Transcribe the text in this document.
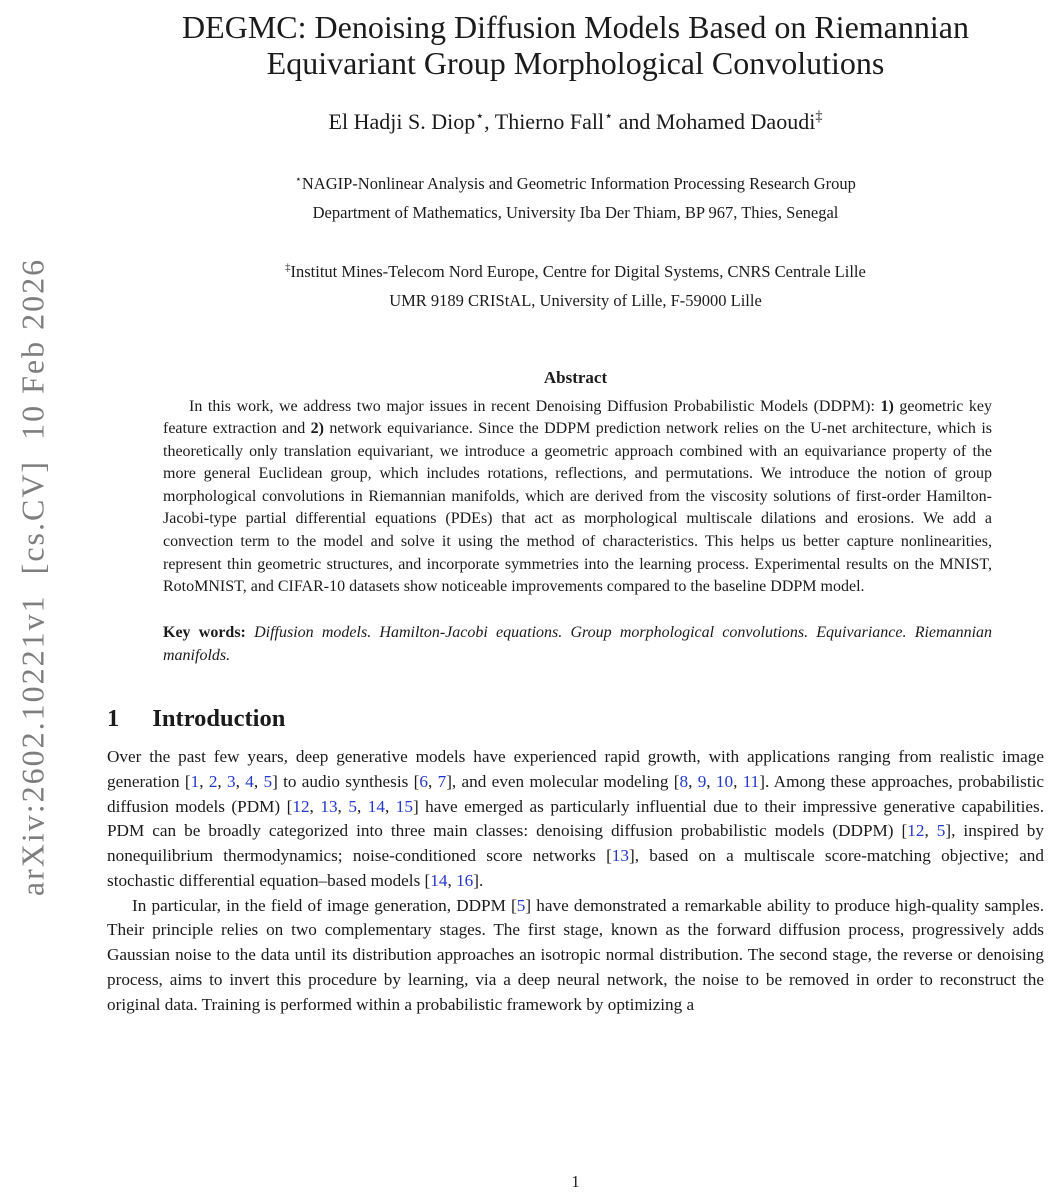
arXiv:2602.10221v1  [cs.CV]  10 Feb 2026
DEGMC: Denoising Diffusion Models Based on Riemannian Equivariant Group Morphological Convolutions
El Hadji S. Diop⋆, Thierno Fall⋆ and Mohamed Daoudi‡
⋆NAGIP-Nonlinear Analysis and Geometric Information Processing Research Group
Department of Mathematics, University Iba Der Thiam, BP 967, Thies, Senegal
‡Institut Mines-Telecom Nord Europe, Centre for Digital Systems, CNRS Centrale Lille
UMR 9189 CRIStAL, University of Lille, F-59000 Lille
Abstract

In this work, we address two major issues in recent Denoising Diffusion Probabilistic Models (DDPM): 1) geometric key feature extraction and 2) network equivariance. Since the DDPM prediction network relies on the U-net architecture, which is theoretically only translation equivariant, we introduce a geometric approach combined with an equivariance property of the more general Euclidean group, which includes rotations, reflections, and permutations. We introduce the notion of group morphological convolutions in Riemannian manifolds, which are derived from the viscosity solutions of first-order Hamilton-Jacobi-type partial differential equations (PDEs) that act as morphological multiscale dilations and erosions. We add a convection term to the model and solve it using the method of characteristics. This helps us better capture nonlinearities, represent thin geometric structures, and incorporate symmetries into the learning process. Experimental results on the MNIST, RotoMNIST, and CIFAR-10 datasets show noticeable improvements compared to the baseline DDPM model.

Key words: Diffusion models. Hamilton-Jacobi equations. Group morphological convolutions. Equivariance. Riemannian manifolds.

1 Introduction

Over the past few years, deep generative models have experienced rapid growth, with applications ranging from realistic image generation [1, 2, 3, 4, 5] to audio synthesis [6, 7], and even molecular modeling [8, 9, 10, 11]. Among these approaches, probabilistic diffusion models (PDM) [12, 13, 5, 14, 15] have emerged as particularly influential due to their impressive generative capabilities. PDM can be broadly categorized into three main classes: denoising diffusion probabilistic models (DDPM) [12, 5], inspired by nonequilibrium thermodynamics; noise-conditioned score networks [13], based on a multiscale score-matching objective; and stochastic differential equation–based models [14, 16].

In particular, in the field of image generation, DDPM [5] have demonstrated a remarkable ability to produce high-quality samples. Their principle relies on two complementary stages. The first stage, known as the forward diffusion process, progressively adds Gaussian noise to the data until its distribution approaches an isotropic normal distribution. The second stage, the reverse or denoising process, aims to invert this procedure by learning, via a deep neural network, the noise to be removed in order to reconstruct the original data. Training is performed within a probabilistic framework by optimizing a

1
